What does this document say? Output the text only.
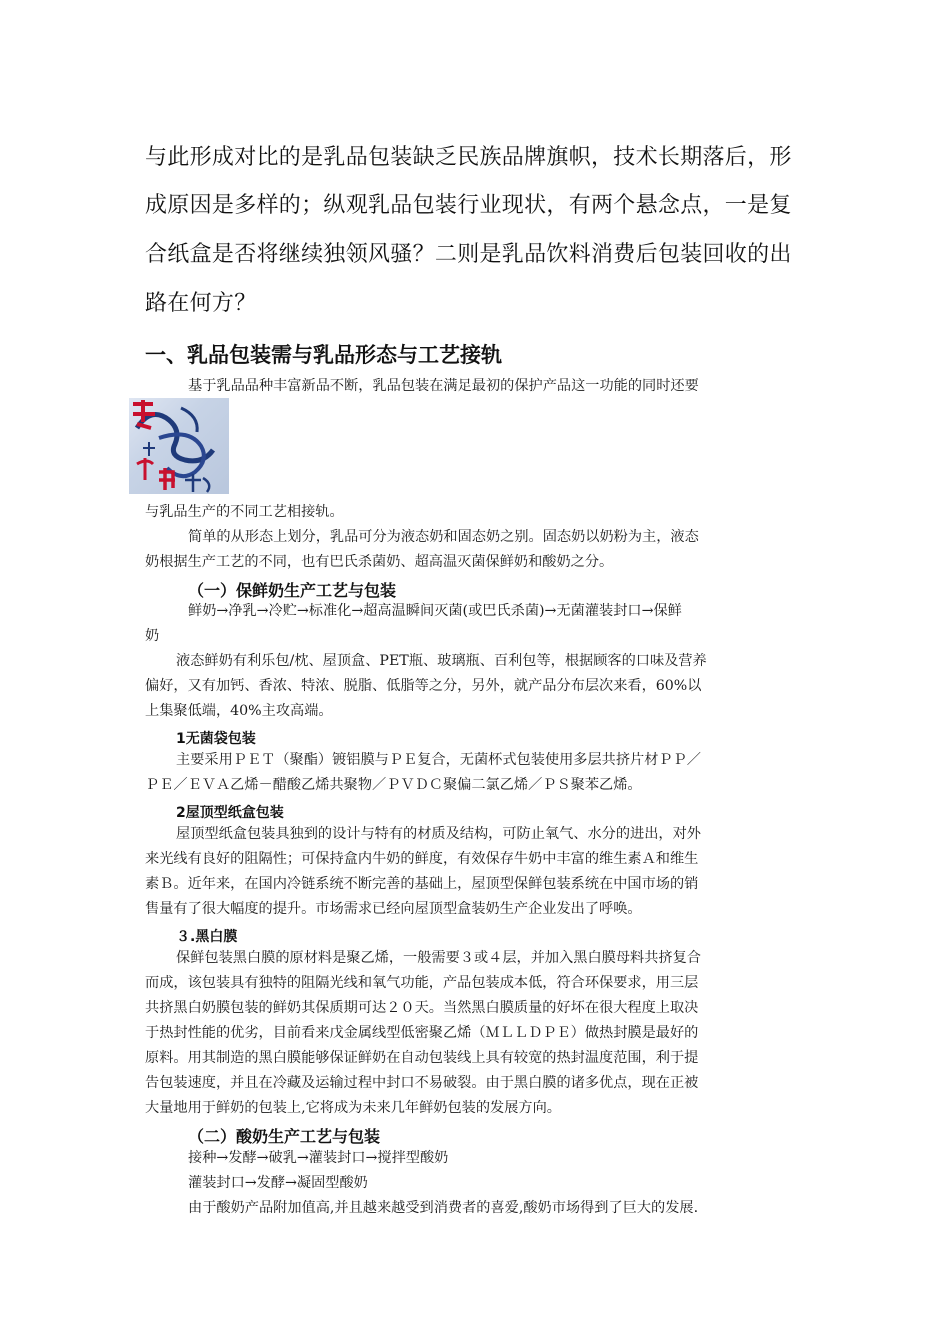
与此形成对比的是乳品包装缺乏民族品牌旗帜，技术长期落后，形
成原因是多样的；纵观乳品包装行业现状，有两个悬念点，一是复
合纸盒是否将继续独领风骚？二则是乳品饮料消费后包装回收的出
路在何方？
一、乳品包装需与乳品形态与工艺接轨
基于乳品品种丰富新品不断，乳品包装在满足最初的保护产品这一功能的同时还要
与乳品生产的不同工艺相接轨。
简单的从形态上划分，乳品可分为液态奶和固态奶之别。固态奶以奶粉为主，液态
奶根据生产工艺的不同，也有巴氏杀菌奶、超高温灭菌保鲜奶和酸奶之分。
（一）保鲜奶生产工艺与包装
鲜奶→净乳→冷贮→标准化→超高温瞬间灭菌(或巴氏杀菌)→无菌灌装封口→保鲜
奶
液态鲜奶有利乐包/枕、屋顶盒、PET瓶、玻璃瓶、百利包等，根据顾客的口味及营养
偏好，又有加钙、香浓、特浓、脱脂、低脂等之分，另外，就产品分布层次来看，60%以
上集聚低端，40%主攻高端。
1无菌袋包装
主要采用ＰＥＴ（聚酯）镀铝膜与ＰＥ复合，无菌杯式包装使用多层共挤片材ＰＰ／
ＰＥ／ＥＶＡ乙烯－醋酸乙烯共聚物／ＰＶＤＣ聚偏二氯乙烯／ＰＳ聚苯乙烯。
2屋顶型纸盒包装
屋顶型纸盒包装具独到的设计与特有的材质及结构，可防止氧气、水分的进出，对外
来光线有良好的阻隔性；可保持盒内牛奶的鲜度，有效保存牛奶中丰富的维生素Ａ和维生
素Ｂ。近年来，在国内冷链系统不断完善的基础上，屋顶型保鲜包装系统在中国市场的销
售量有了很大幅度的提升。市场需求已经向屋顶型盒装奶生产企业发出了呼唤。
３.黑白膜
保鲜包装黑白膜的原材料是聚乙烯，一般需要３或４层，并加入黑白膜母料共挤复合
而成，该包装具有独特的阻隔光线和氧气功能，产品包装成本低，符合环保要求，用三层
共挤黑白奶膜包装的鲜奶其保质期可达２０天。当然黑白膜质量的好坏在很大程度上取决
于热封性能的优劣，目前看来戊金属线型低密聚乙烯（ＭＬＬＤＰＥ）做热封膜是最好的
原料。用其制造的黑白膜能够保证鲜奶在自动包装线上具有较宽的热封温度范围，利于提
告包装速度，并且在冷藏及运输过程中封口不易破裂。由于黑白膜的诸多优点，现在正被
大量地用于鲜奶的包装上,它将成为未来几年鲜奶包装的发展方向。
（二）酸奶生产工艺与包装
接种→发酵→破乳→灌装封口→搅拌型酸奶
灌装封口→发酵→凝固型酸奶
由于酸奶产品附加值高,并且越来越受到消费者的喜爱,酸奶市场得到了巨大的发展.
